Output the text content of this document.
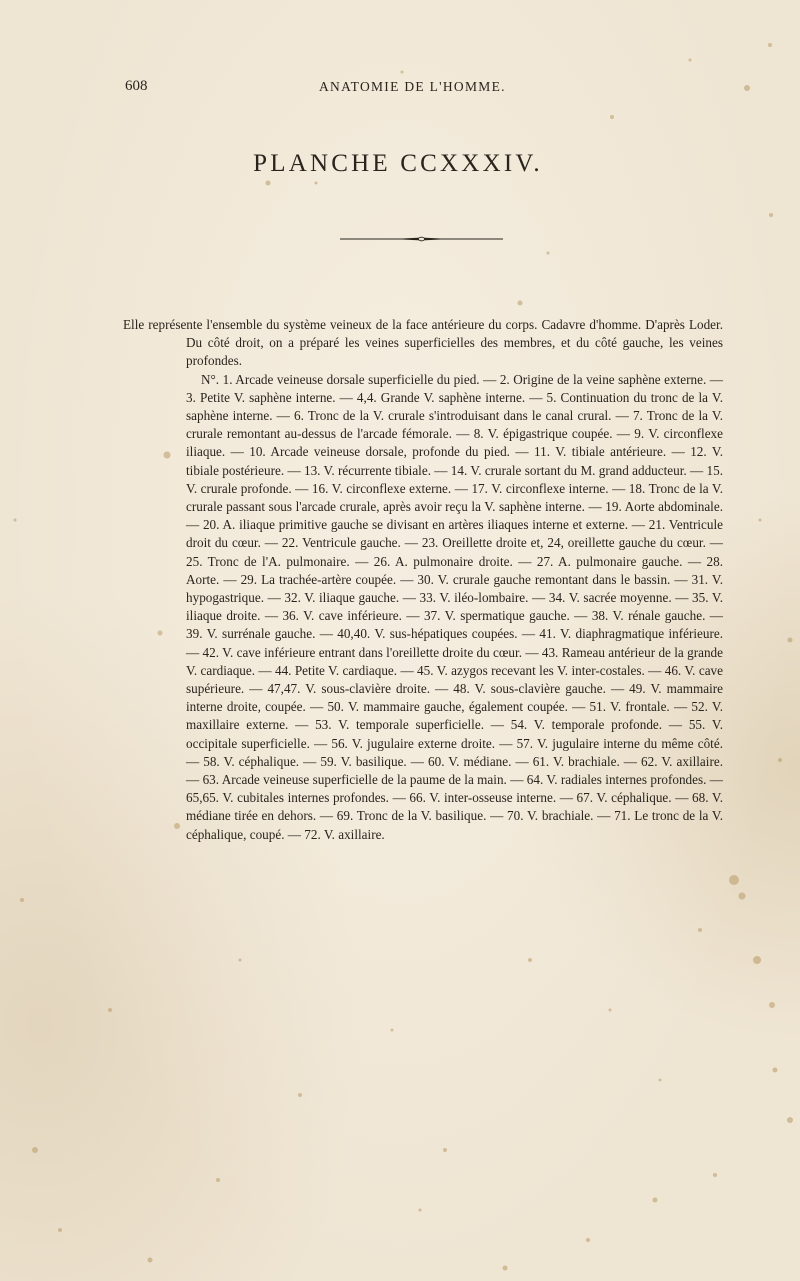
608	ANATOMIE DE L'HOMME.
PLANCHE CCXXXIV.

Elle représente l'ensemble du système veineux de la face antérieure du corps. Cadavre d'homme. D'après Loder. Du côté droit, on a préparé les veines superficielles des membres, et du côté gauche, les veines profondes.

N°. 1. Arcade veineuse dorsale superficielle du pied. — 2. Origine de la veine saphène externe. — 3. Petite V. saphène interne. — 4,4. Grande V. saphène interne. — 5. Continuation du tronc de la V. saphène interne. — 6. Tronc de la V. crurale s'introduisant dans le canal crural. — 7. Tronc de la V. crurale remontant au-dessus de l'arcade fémorale. — 8. V. épigastrique coupée. — 9. V. circonflexe iliaque. — 10. Arcade veineuse dorsale, profonde du pied. — 11. V. tibiale antérieure. — 12. V. tibiale postérieure. — 13. V. récurrente tibiale. — 14. V. crurale sortant du M. grand adducteur. — 15. V. crurale profonde. — 16. V. circonflexe externe. — 17. V. circonflexe interne. — 18. Tronc de la V. crurale passant sous l'arcade crurale, après avoir reçu la V. saphène interne. — 19. Aorte abdominale. — 20. A. iliaque primitive gauche se divisant en artères iliaques interne et externe. — 21. Ventricule droit du cœur. — 22. Ventricule gauche. — 23. Oreillette droite et, 24, oreillette gauche du cœur. — 25. Tronc de l'A. pulmonaire. — 26. A. pulmonaire droite. — 27. A. pulmonaire gauche. — 28. Aorte. — 29. La trachée-artère coupée. — 30. V. crurale gauche remontant dans le bassin. — 31. V. hypogastrique. — 32. V. iliaque gauche. — 33. V. iléo-lombaire. — 34. V. sacrée moyenne. — 35. V. iliaque droite. — 36. V. cave inférieure. — 37. V. spermatique gauche. — 38. V. rénale gauche. — 39. V. surrénale gauche. — 40,40. V. sus-hépatiques coupées. — 41. V. diaphragmatique inférieure. — 42. V. cave inférieure entrant dans l'oreillette droite du cœur. — 43. Rameau antérieur de la grande V. cardiaque. — 44. Petite V. cardiaque. — 45. V. azygos recevant les V. inter-costales. — 46. V. cave supérieure. — 47,47. V. sous-clavière droite. — 48. V. sous-clavière gauche. — 49. V. mammaire interne droite, coupée. — 50. V. mammaire gauche, également coupée. — 51. V. frontale. — 52. V. maxillaire externe. — 53. V. temporale superficielle. — 54. V. temporale profonde. — 55. V. occipitale superficielle. — 56. V. jugulaire externe droite. — 57. V. jugulaire interne du même côté. — 58. V. céphalique. — 59. V. basilique. — 60. V. médiane. — 61. V. brachiale. — 62. V. axillaire. — 63. Arcade veineuse superficielle de la paume de la main. — 64. V. radiales internes profondes. — 65,65. V. cubitales internes profondes. — 66. V. inter-osseuse interne. — 67. V. céphalique. — 68. V. médiane tirée en dehors. — 69. Tronc de la V. basilique. — 70. V. brachiale. — 71. Le tronc de la V. céphalique, coupé. — 72. V. axillaire.
